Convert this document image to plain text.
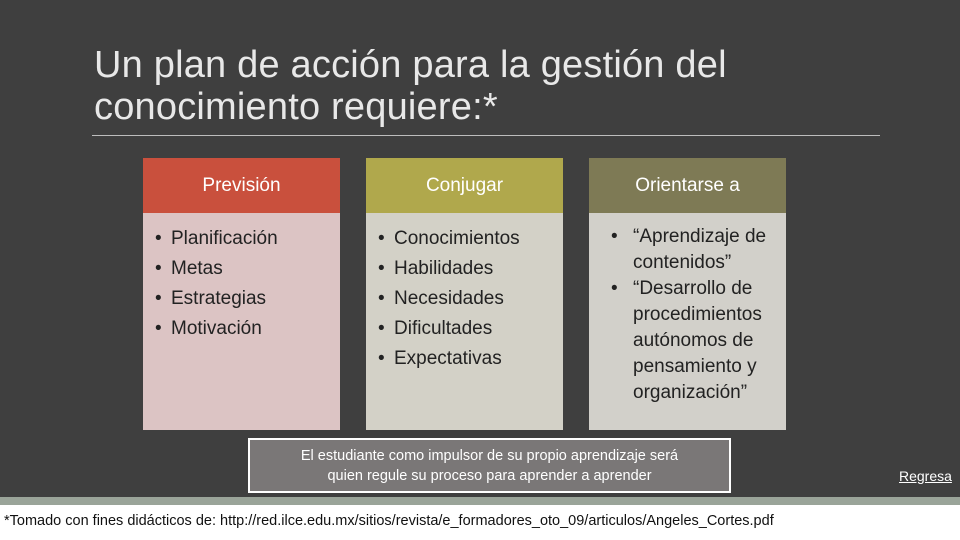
Un plan de acción para la gestión del
conocimiento requiere:*
Previsión
• Planificación
• Metas
• Estrategias
• Motivación
Conjugar
• Conocimientos
• Habilidades
• Necesidades
• Dificultades
• Expectativas
Orientarse a
• “Aprendizaje de contenidos”
• “Desarrollo de procedimientos autónomos de pensamiento y organización”
El estudiante como impulsor de su propio aprendizaje será
quien regule su proceso para aprender a aprender	Regresa
*Tomado con fines didácticos de: http://red.ilce.edu.mx/sitios/revista/e_formadores_oto_09/articulos/Angeles_Cortes.pdf
